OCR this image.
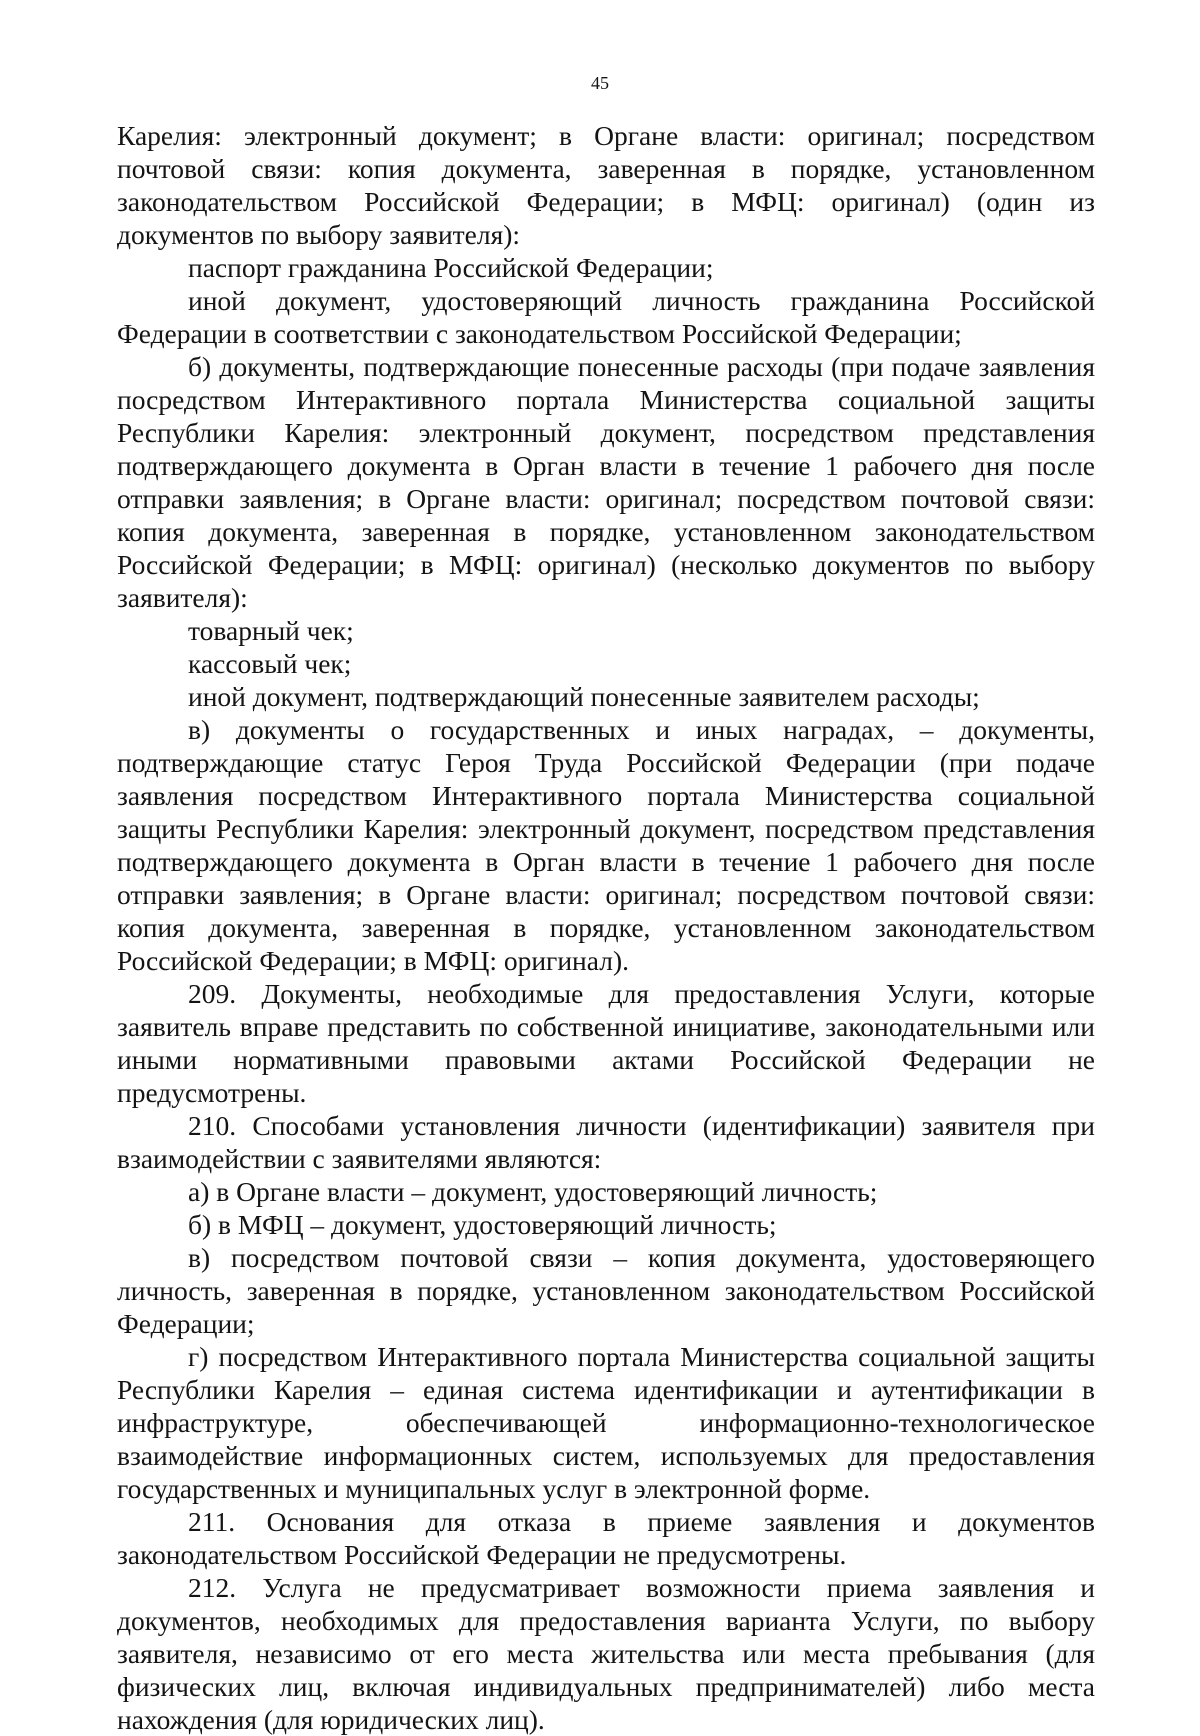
45

Карелия: электронный документ; в Органе власти: оригинал; посредством почтовой связи: копия документа, заверенная в порядке, установленном законодательством Российской Федерации; в МФЦ: оригинал) (один из документов по выбору заявителя):

паспорт гражданина Российской Федерации;

иной документ, удостоверяющий личность гражданина Российской Федерации в соответствии с законодательством Российской Федерации;

б) документы, подтверждающие понесенные расходы (при подаче заявления посредством Интерактивного портала Министерства социальной защиты Республики Карелия: электронный документ, посредством представления подтверждающего документа в Орган власти в течение 1 рабочего дня после отправки заявления; в Органе власти: оригинал; посредством почтовой связи: копия документа, заверенная в порядке, установленном законодательством Российской Федерации; в МФЦ: оригинал) (несколько документов по выбору заявителя):

товарный чек;

кассовый чек;

иной документ, подтверждающий понесенные заявителем расходы;

в) документы о государственных и иных наградах, – документы, подтверждающие статус Героя Труда Российской Федерации (при подаче заявления посредством Интерактивного портала Министерства социальной защиты Республики Карелия: электронный документ, посредством представления подтверждающего документа в Орган власти в течение 1 рабочего дня после отправки заявления; в Органе власти: оригинал; посредством почтовой связи: копия документа, заверенная в порядке, установленном законодательством Российской Федерации; в МФЦ: оригинал).

209. Документы, необходимые для предоставления Услуги, которые заявитель вправе представить по собственной инициативе, законодательными или иными нормативными правовыми актами Российской Федерации не предусмотрены.

210. Способами установления личности (идентификации) заявителя при взаимодействии с заявителями являются:

а) в Органе власти – документ, удостоверяющий личность;

б) в МФЦ – документ, удостоверяющий личность;

в) посредством почтовой связи – копия документа, удостоверяющего личность, заверенная в порядке, установленном законодательством Российской Федерации;

г) посредством Интерактивного портала Министерства социальной защиты Республики Карелия – единая система идентификации и аутентификации в инфраструктуре, обеспечивающей информационно-технологическое взаимодействие информационных систем, используемых для предоставления государственных и муниципальных услуг в электронной форме.

211. Основания для отказа в приеме заявления и документов законодательством Российской Федерации не предусмотрены.

212. Услуга не предусматривает возможности приема заявления и документов, необходимых для предоставления варианта Услуги, по выбору заявителя, независимо от его места жительства или места пребывания (для физических лиц, включая индивидуальных предпринимателей) либо места нахождения (для юридических лиц).
